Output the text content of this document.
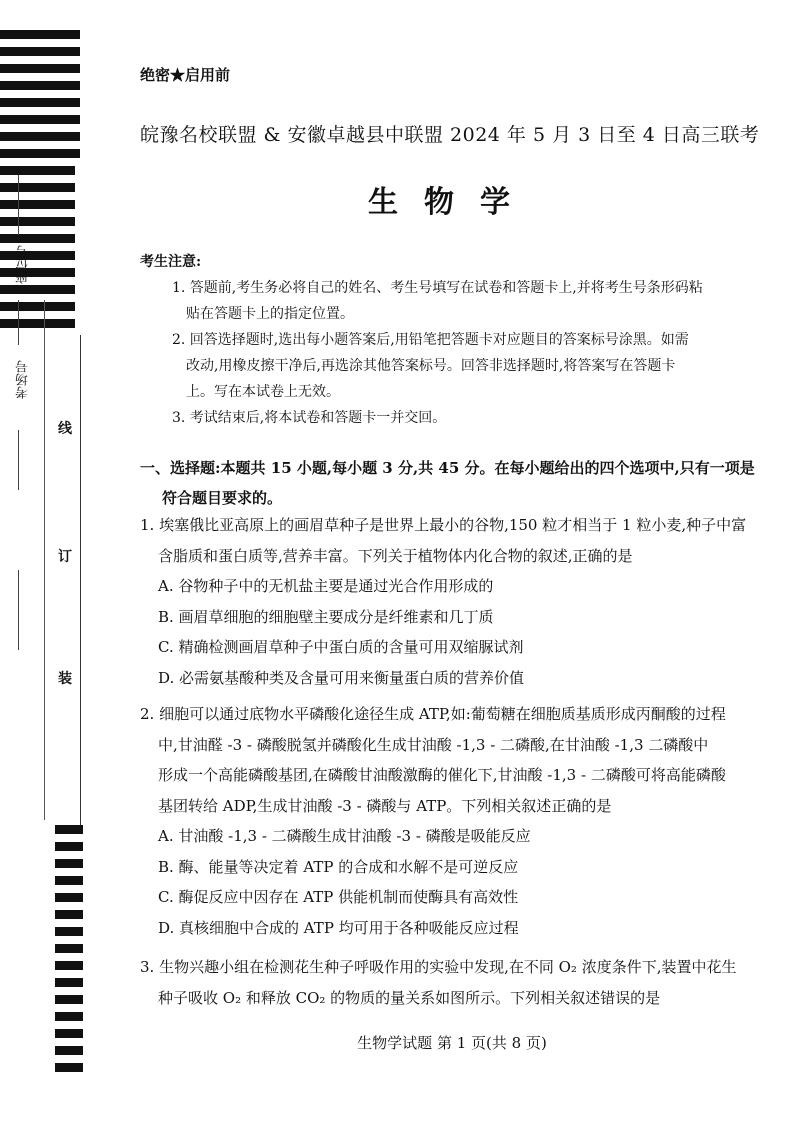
座位号
考场号
线
订
装
绝密★启用前
皖豫名校联盟 & 安徽卓越县中联盟 2024 年 5 月 3 日至 4 日高三联考
生物学
考生注意:

1. 答题前,考生务必将自己的姓名、考生号填写在试卷和答题卡上,并将考生号条形码粘

贴在答题卡上的指定位置。

2. 回答选择题时,选出每小题答案后,用铅笔把答题卡对应题目的答案标号涂黑。如需

改动,用橡皮擦干净后,再选涂其他答案标号。回答非选择题时,将答案写在答题卡

上。写在本试卷上无效。

3. 考试结束后,将本试卷和答题卡一并交回。

一、选择题:本题共 15 小题,每小题 3 分,共 45 分。在每小题给出的四个选项中,只有一项是
符合题目要求的。

1. 埃塞俄比亚高原上的画眉草种子是世界上最小的谷物,150 粒才相当于 1 粒小麦,种子中富

含脂质和蛋白质等,营养丰富。下列关于植物体内化合物的叙述,正确的是

A. 谷物种子中的无机盐主要是通过光合作用形成的

B. 画眉草细胞的细胞壁主要成分是纤维素和几丁质

C. 精确检测画眉草种子中蛋白质的含量可用双缩脲试剂

D. 必需氨基酸种类及含量可用来衡量蛋白质的营养价值

2. 细胞可以通过底物水平磷酸化途径生成 ATP,如:葡萄糖在细胞质基质形成丙酮酸的过程

中,甘油醛 -3 - 磷酸脱氢并磷酸化生成甘油酸 -1,3 - 二磷酸,在甘油酸 -1,3 二磷酸中

形成一个高能磷酸基团,在磷酸甘油酸激酶的催化下,甘油酸 -1,3 - 二磷酸可将高能磷酸

基团转给 ADP,生成甘油酸 -3 - 磷酸与 ATP。下列相关叙述正确的是

A. 甘油酸 -1,3 - 二磷酸生成甘油酸 -3 - 磷酸是吸能反应

B. 酶、能量等决定着 ATP 的合成和水解不是可逆反应

C. 酶促反应中因存在 ATP 供能机制而使酶具有高效性

D. 真核细胞中合成的 ATP 均可用于各种吸能反应过程

3. 生物兴趣小组在检测花生种子呼吸作用的实验中发现,在不同 O₂ 浓度条件下,装置中花生

种子吸收 O₂ 和释放 CO₂ 的物质的量关系如图所示。下列相关叙述错误的是

生物学试题 第 1 页(共 8 页)
